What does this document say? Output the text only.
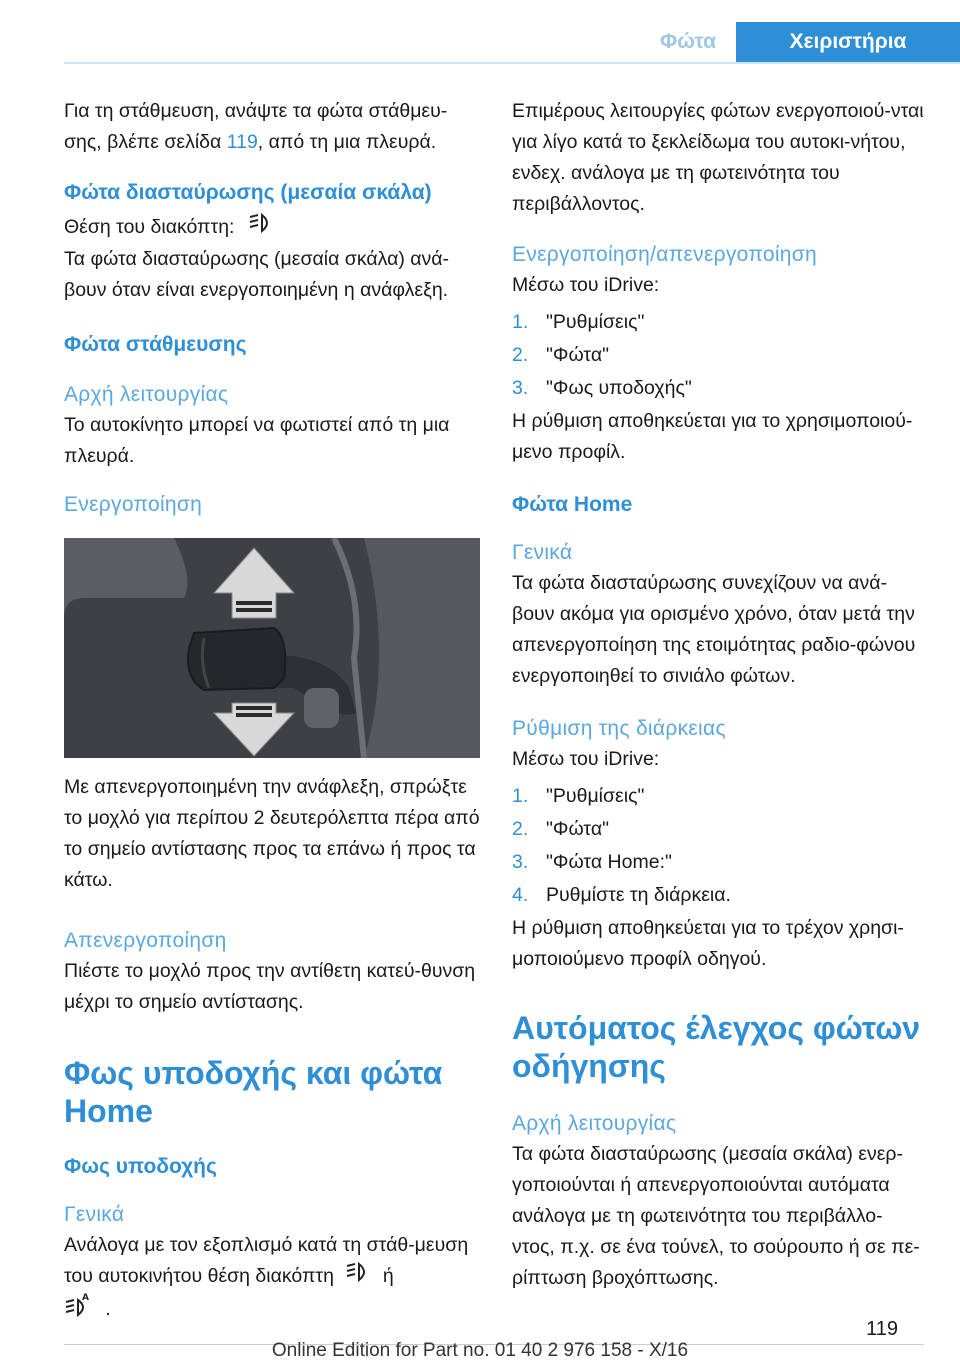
Φώτα	Χειριστήρια

Για τη στάθμευση, ανάψτε τα φώτα στάθμευ-σης, βλέπε σελίδα 119, από τη μια πλευρά.

Φώτα διασταύρωσης (μεσαία σκάλα)

Θέση του διακόπτη:

Τα φώτα διασταύρωσης (μεσαία σκάλα) ανά-βουν όταν είναι ενεργοποιημένη η ανάφλεξη.

Φώτα στάθμευσης
Αρχή λειτουργίας

Το αυτοκίνητο μπορεί να φωτιστεί από τη μια πλευρά.

Ενεργοποίηση

Με απενεργοποιημένη την ανάφλεξη, σπρώξτε το μοχλό για περίπου 2 δευτερόλεπτα πέρα από το σημείο αντίστασης προς τα επάνω ή προς τα κάτω.

Απενεργοποίηση

Πιέστε το μοχλό προς την αντίθετη κατεύ-θυνση μέχρι το σημείο αντίστασης.

Φως υποδοχής και φώτα Home
Φως υποδοχής
Γενικά

Ανάλογα με τον εξοπλισμό κατά τη στάθ-μευση του αυτοκινήτου θέση διακόπτη	ή

A
.

Επιμέρους λειτουργίες φώτων ενεργοποιού-νται για λίγο κατά το ξεκλείδωμα του αυτοκι-νήτου, ενδεχ. ανάλογα με τη φωτεινότητα του περιβάλλοντος.

Ενεργοποίηση/απενεργοποίηση

Μέσω του iDrive:

1. "Ρυθμίσεις"
2. "Φώτα"
3. "Φως υποδοχής"

Η ρύθμιση αποθηκεύεται για το χρησιμοποιού-μενο προφίλ.

Φώτα Home
Γενικά

Τα φώτα διασταύρωσης συνεχίζουν να ανά-βουν ακόμα για ορισμένο χρόνο, όταν μετά την απενεργοποίηση της ετοιμότητας ραδιο-φώνου ενεργοποιηθεί το σινιάλο φώτων.

Ρύθμιση της διάρκειας

Μέσω του iDrive:

1. "Ρυθμίσεις"
2. "Φώτα"
3. "Φώτα Home:"
4. Ρυθμίστε τη διάρκεια.

Η ρύθμιση αποθηκεύεται για το τρέχον χρησι-μοποιούμενο προφίλ οδηγού.

Αυτόματος έλεγχος φώτων οδήγησης
Αρχή λειτουργίας

Τα φώτα διασταύρωσης (μεσαία σκάλα) ενερ-γοποιούνται ή απενεργοποιούνται αυτόματα ανάλογα με τη φωτεινότητα του περιβάλλο-ντος, π.χ. σε ένα τούνελ, το σούρουπο ή σε πε-ρίπτωση βροχόπτωσης.

119
Online Edition for Part no. 01 40 2 976 158 - X/16
